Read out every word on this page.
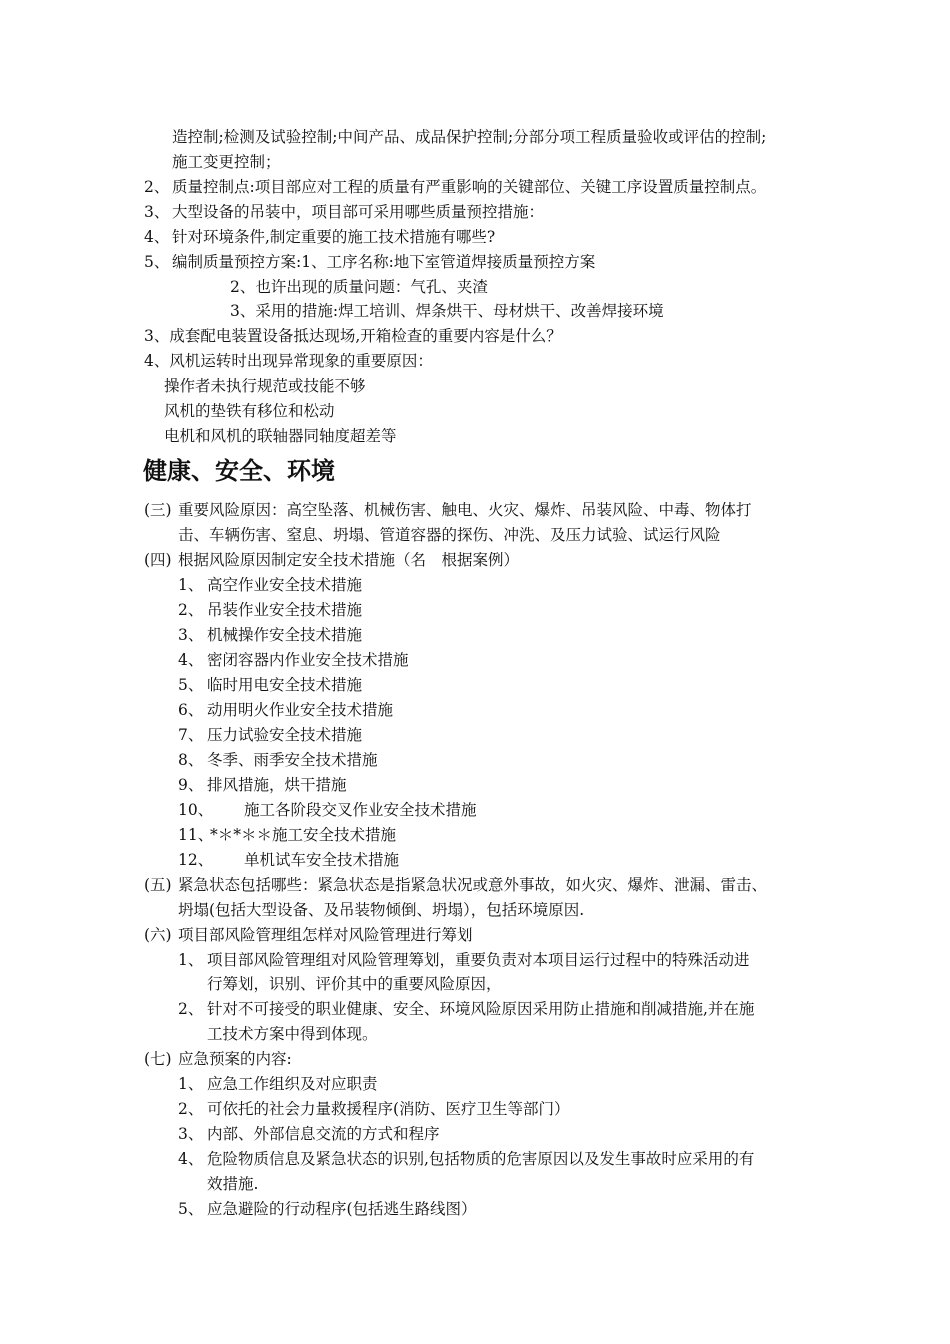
造控制;检测及试验控制;中间产品、成品保护控制;分部分项工程质量验收或评估的控制;
施工变更控制；
2、 质量控制点:项目部应对工程的质量有严重影响的关键部位、关键工序设置质量控制点。
3、 大型设备的吊装中，项目部可采用哪些质量预控措施：
4、 针对环境条件,制定重要的施工技术措施有哪些?
5、 编制质量预控方案:1、工序名称:地下室管道焊接质量预控方案
2、也许出现的质量问题：气孔、夹渣
3、采用的措施:焊工培训、焊条烘干、母材烘干、改善焊接环境
3、成套配电装置设备抵达现场,开箱检查的重要内容是什么？
4、风机运转时出现异常现象的重要原因：
操作者未执行规范或技能不够
风机的垫铁有移位和松动
电机和风机的联轴器同轴度超差等
健康、安全、环境
(三) 重要风险原因：高空坠落、机械伤害、触电、火灾、爆炸、吊装风险、中毒、物体打
击、车辆伤害、窒息、坍塌、管道容器的探伤、冲洗、及压力试验、试运行风险
(四) 根据风险原因制定安全技术措施（名　根据案例）
1、 高空作业安全技术措施
2、 吊装作业安全技术措施
3、 机械操作安全技术措施
4、 密闭容器内作业安全技术措施
5、 临时用电安全技术措施
6、 动用明火作业安全技术措施
7、 压力试验安全技术措施
8、 冬季、雨季安全技术措施
9、 排风措施，烘干措施
10、 施工各阶段交叉作业安全技术措施
11、
*＊*＊＊施工安全技术措施
12、 单机试车安全技术措施
(五) 紧急状态包括哪些：紧急状态是指紧急状况或意外事故，如火灾、爆炸、泄漏、雷击、
坍塌(包括大型设备、及吊装物倾倒、坍塌），包括环境原因.
(六) 项目部风险管理组怎样对风险管理进行筹划
1、 项目部风险管理组对风险管理筹划，重要负责对本项目运行过程中的特殊活动进
行筹划，识别、评价其中的重要风险原因，
2、 针对不可接受的职业健康、安全、环境风险原因采用防止措施和削减措施,并在施
工技术方案中得到体现。
(七) 应急预案的内容:
1、 应急工作组织及对应职责
2、 可依托的社会力量救援程序(消防、医疗卫生等部门）
3、 内部、外部信息交流的方式和程序
4、 危险物质信息及紧急状态的识别,包括物质的危害原因以及发生事故时应采用的有
效措施.
5、 应急避险的行动程序(包括逃生路线图）
